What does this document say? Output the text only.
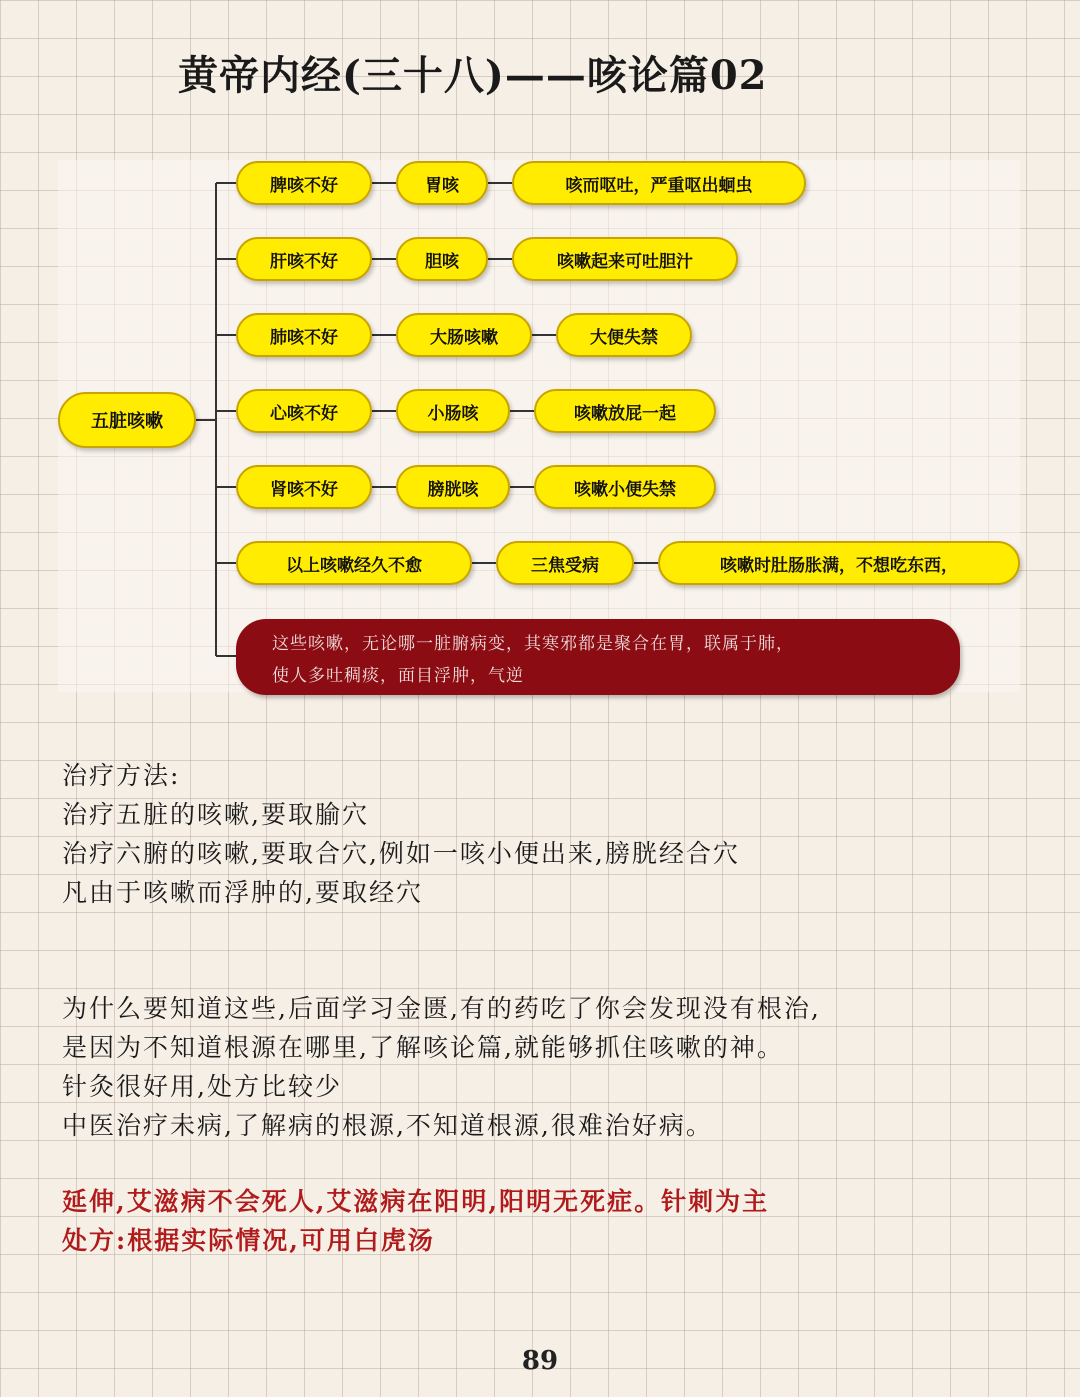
黄帝内经(三十八)——咳论篇02
五脏咳嗽
脾咳不好	胃咳	咳而呕吐，严重呕出蛔虫
肝咳不好	胆咳	咳嗽起来可吐胆汁
肺咳不好	大肠咳嗽	大便失禁
心咳不好	小肠咳	咳嗽放屁一起
肾咳不好	膀胱咳	咳嗽小便失禁
以上咳嗽经久不愈	三焦受病	咳嗽时肚肠胀满，不想吃东西，
这些咳嗽，无论哪一脏腑病变，其寒邪都是聚合在胃，联属于肺，
使人多吐稠痰，面目浮肿，气逆
治疗方法:
治疗五脏的咳嗽,要取腧穴
治疗六腑的咳嗽,要取合穴,例如一咳小便出来,膀胱经合穴
凡由于咳嗽而浮肿的,要取经穴
为什么要知道这些,后面学习金匮,有的药吃了你会发现没有根治,
是因为不知道根源在哪里,了解咳论篇,就能够抓住咳嗽的神。
针灸很好用,处方比较少
中医治疗未病,了解病的根源,不知道根源,很难治好病。
延伸,艾滋病不会死人,艾滋病在阳明,阳明无死症。针刺为主
处方:根据实际情况,可用白虎汤
89
